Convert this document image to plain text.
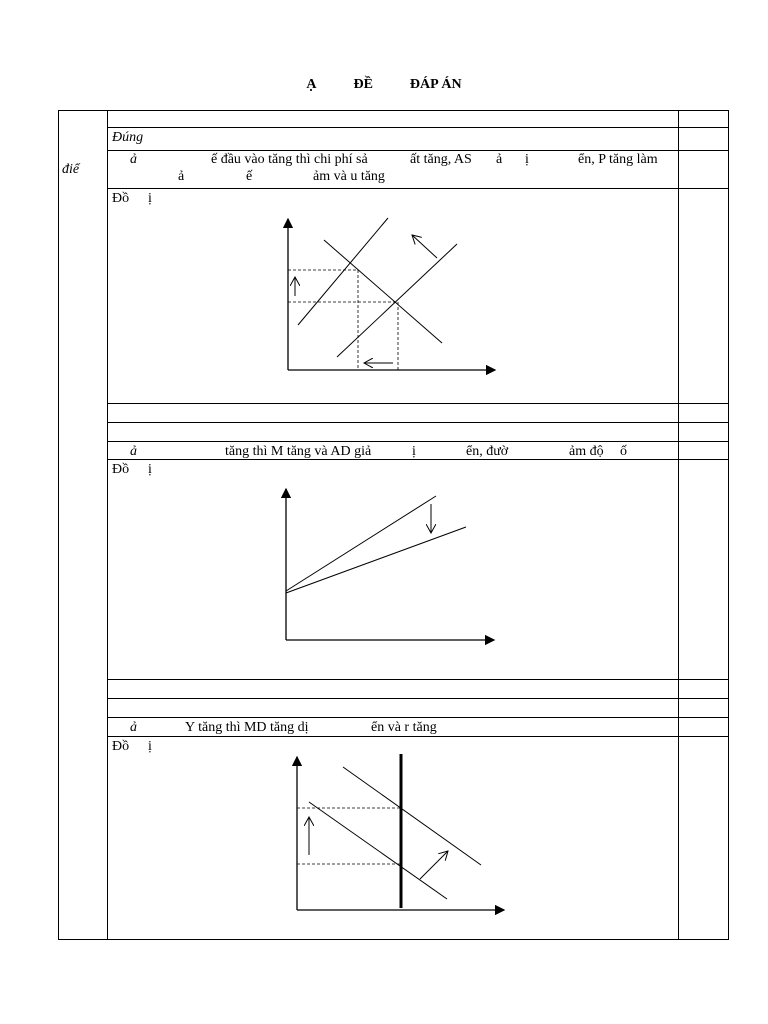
Ạ	ĐỀ	ĐÁP ÁN
điể
Đúng
ả	ế đầu vào tăng thì chi phí sả	ất tăng, AS ả ị	ển, P tăng làm
ả	ế	ảm và u tăng
Đồ ị
ả	tăng thì M tăng và AD giả	ị	ển, đườ	ảm độ ố
Đồ ị
ả	Y tăng thì MD tăng dị	ển và r tăng
Đồ ị
